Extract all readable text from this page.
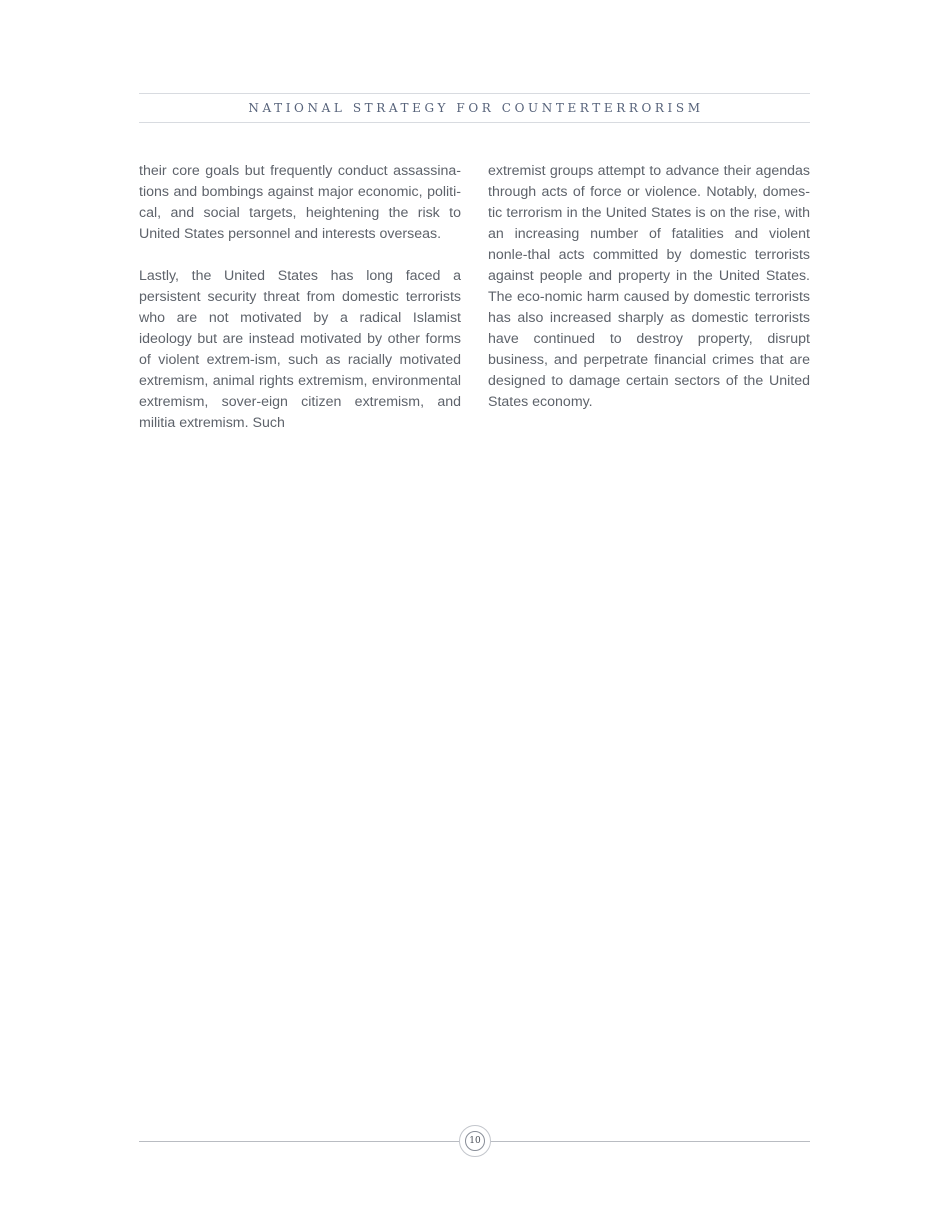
NATIONAL STRATEGY FOR COUNTERTERRORISM

their core goals but frequently conduct assassina-tions and bombings against major economic, politi-cal, and social targets, heightening the risk to United States personnel and interests overseas.

Lastly, the United States has long faced a persistent security threat from domestic terrorists who are not motivated by a radical Islamist ideology but are instead motivated by other forms of violent extrem-ism, such as racially motivated extremism, animal rights extremism, environmental extremism, sover-eign citizen extremism, and militia extremism. Such

extremist groups attempt to advance their agendas through acts of force or violence. Notably, domes-tic terrorism in the United States is on the rise, with an increasing number of fatalities and violent nonle-thal acts committed by domestic terrorists against people and property in the United States. The eco-nomic harm caused by domestic terrorists has also increased sharply as domestic terrorists have continued to destroy property, disrupt business, and perpetrate financial crimes that are designed to damage certain sectors of the United States economy.

10
